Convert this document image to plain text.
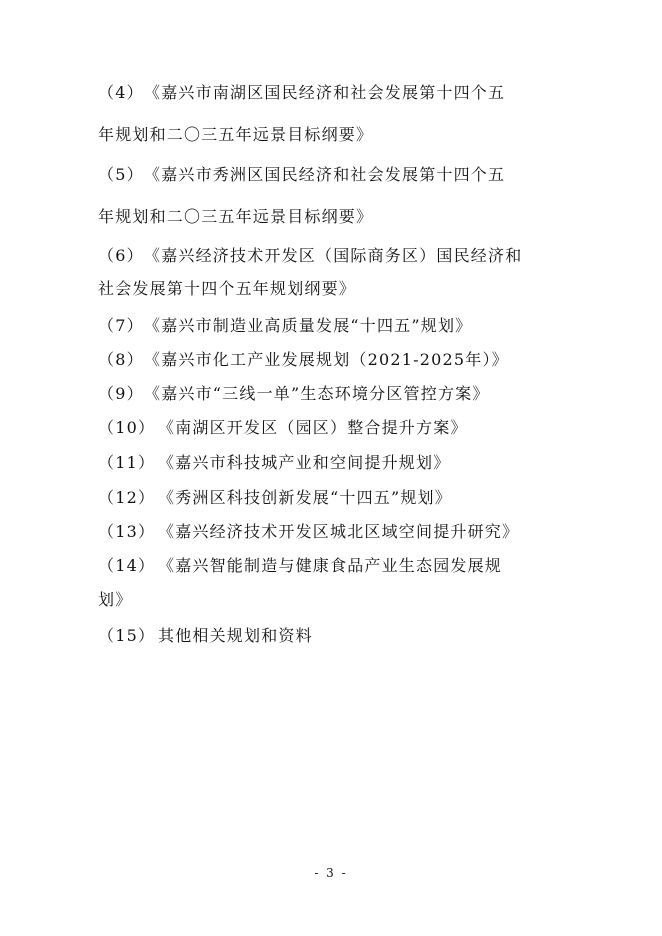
（4）《嘉兴市南湖区国民经济和社会发展第十四个五
年规划和二〇三五年远景目标纲要》
（5）《嘉兴市秀洲区国民经济和社会发展第十四个五
年规划和二〇三五年远景目标纲要》
（6）《嘉兴经济技术开发区（国际商务区）国民经济和
社会发展第十四个五年规划纲要》
（7）《嘉兴市制造业高质量发展“十四五”规划》
（8）《嘉兴市化工产业发展规划（2021-2025年）》
（9）《嘉兴市“三线一单”生态环境分区管控方案》
（10） 《南湖区开发区（园区）整合提升方案》
（11） 《嘉兴市科技城产业和空间提升规划》
（12） 《秀洲区科技创新发展“十四五”规划》
（13） 《嘉兴经济技术开发区城北区域空间提升研究》
（14） 《嘉兴智能制造与健康食品产业生态园发展规
划》
（15） 其他相关规划和资料
- 3 -
